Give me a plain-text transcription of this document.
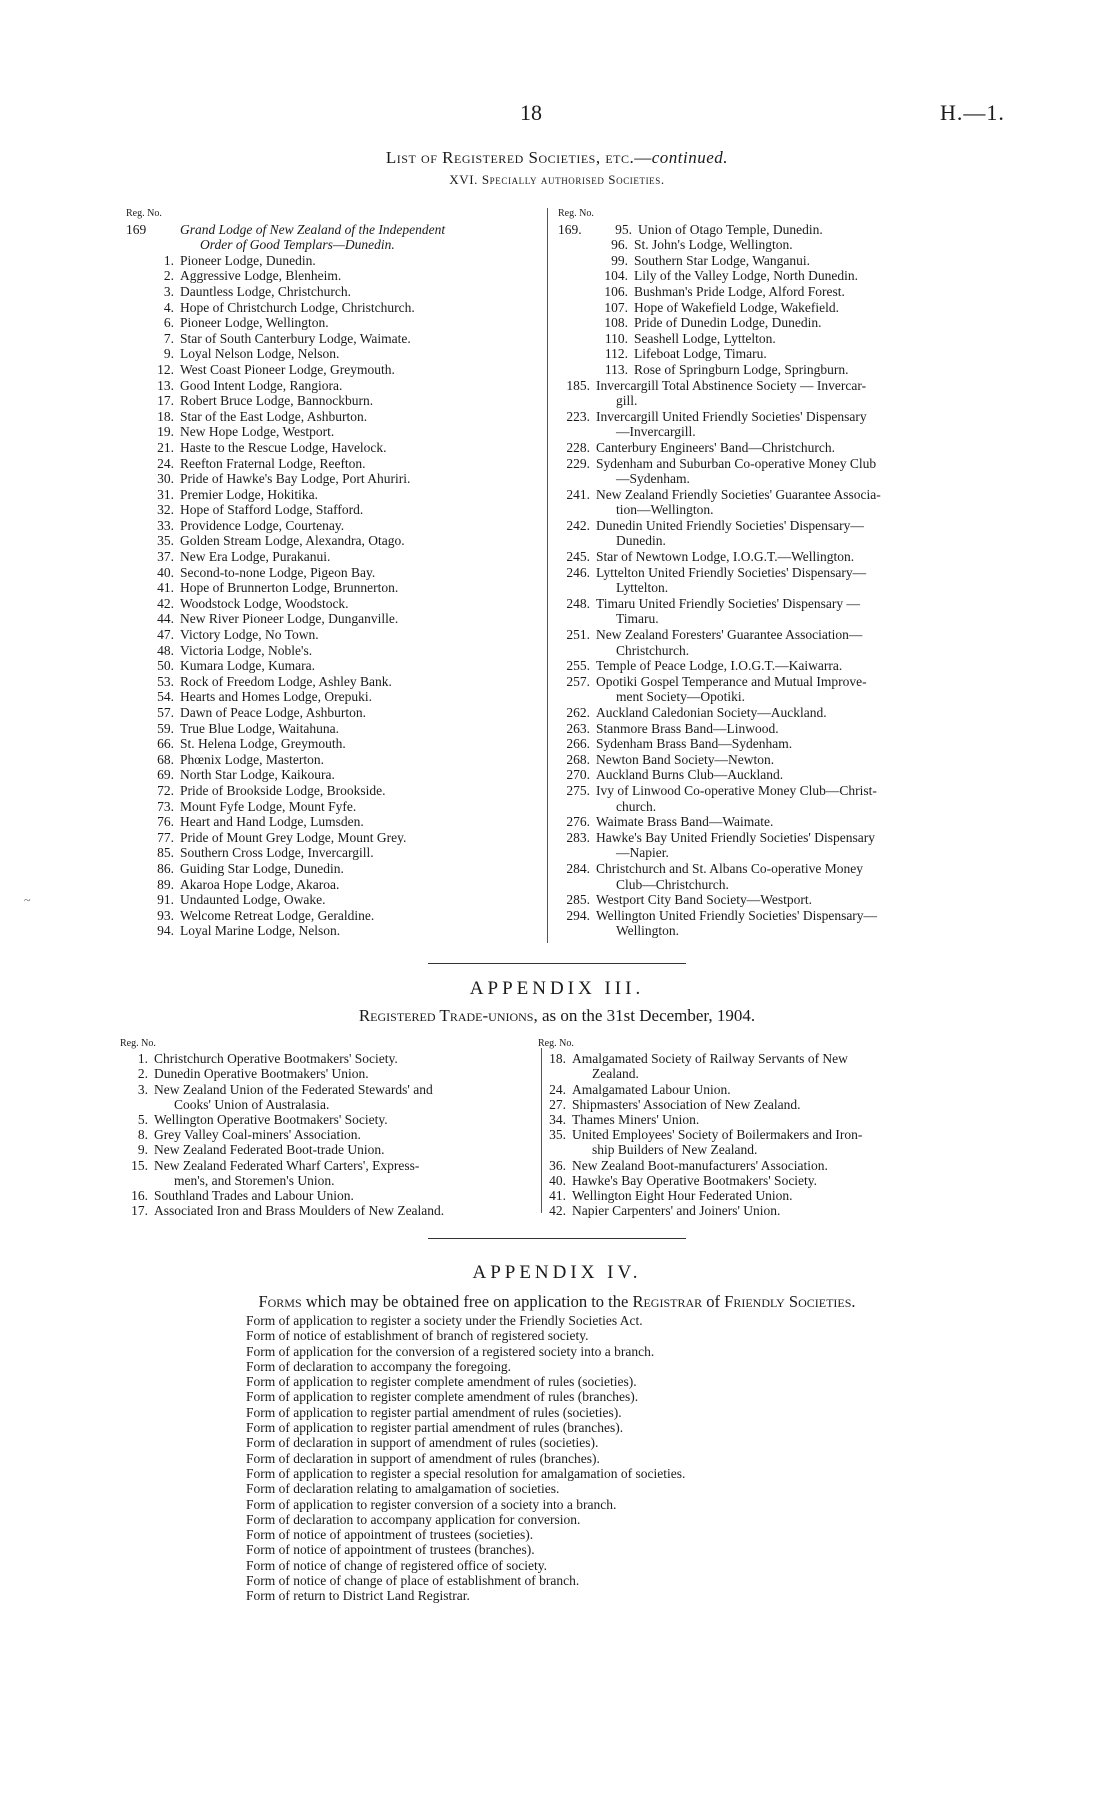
18	H.—1.
List of Registered Societies, etc.—continued.
XVI. Specially authorised Societies.
Reg. No.
169	Grand Lodge of New Zealand of the Independent
Order of Good Templars—Dunedin.
1. Pioneer Lodge, Dunedin.
2. Aggressive Lodge, Blenheim.
3. Dauntless Lodge, Christchurch.
4. Hope of Christchurch Lodge, Christchurch.
6. Pioneer Lodge, Wellington.
7. Star of South Canterbury Lodge, Waimate.
9. Loyal Nelson Lodge, Nelson.
12. West Coast Pioneer Lodge, Greymouth.
13. Good Intent Lodge, Rangiora.
17. Robert Bruce Lodge, Bannockburn.
18. Star of the East Lodge, Ashburton.
19. New Hope Lodge, Westport.
21. Haste to the Rescue Lodge, Havelock.
24. Reefton Fraternal Lodge, Reefton.
30. Pride of Hawke's Bay Lodge, Port Ahuriri.
31. Premier Lodge, Hokitika.
32. Hope of Stafford Lodge, Stafford.
33. Providence Lodge, Courtenay.
35. Golden Stream Lodge, Alexandra, Otago.
37. New Era Lodge, Purakanui.
40. Second-to-none Lodge, Pigeon Bay.
41. Hope of Brunnerton Lodge, Brunnerton.
42. Woodstock Lodge, Woodstock.
44. New River Pioneer Lodge, Dunganville.
47. Victory Lodge, No Town.
48. Victoria Lodge, Noble's.
50. Kumara Lodge, Kumara.
53. Rock of Freedom Lodge, Ashley Bank.
54. Hearts and Homes Lodge, Orepuki.
57. Dawn of Peace Lodge, Ashburton.
59. True Blue Lodge, Waitahuna.
66. St. Helena Lodge, Greymouth.
68. Phœnix Lodge, Masterton.
69. North Star Lodge, Kaikoura.
72. Pride of Brookside Lodge, Brookside.
73. Mount Fyfe Lodge, Mount Fyfe.
76. Heart and Hand Lodge, Lumsden.
77. Pride of Mount Grey Lodge, Mount Grey.
85. Southern Cross Lodge, Invercargill.
86. Guiding Star Lodge, Dunedin.
89. Akaroa Hope Lodge, Akaroa.
91. Undaunted Lodge, Owake.
93. Welcome Retreat Lodge, Geraldine.
94. Loyal Marine Lodge, Nelson.
Reg. No.
169.	95. Union of Otago Temple, Dunedin.
96. St. John's Lodge, Wellington.
99. Southern Star Lodge, Wanganui.
104. Lily of the Valley Lodge, North Dunedin.
106. Bushman's Pride Lodge, Alford Forest.
107. Hope of Wakefield Lodge, Wakefield.
108. Pride of Dunedin Lodge, Dunedin.
110. Seashell Lodge, Lyttelton.
112. Lifeboat Lodge, Timaru.
113. Rose of Springburn Lodge, Springburn.
185. Invercargill Total Abstinence Society — Invercar-
gill.
223. Invercargill United Friendly Societies' Dispensary
—Invercargill.
228. Canterbury Engineers' Band—Christchurch.
229. Sydenham and Suburban Co-operative Money Club
—Sydenham.
241. New Zealand Friendly Societies' Guarantee Associa-
tion—Wellington.
242. Dunedin United Friendly Societies' Dispensary—
Dunedin.
245. Star of Newtown Lodge, I.O.G.T.—Wellington.
246. Lyttelton United Friendly Societies' Dispensary—
Lyttelton.
248. Timaru United Friendly Societies' Dispensary —
Timaru.
251. New Zealand Foresters' Guarantee Association—
Christchurch.
255. Temple of Peace Lodge, I.O.G.T.—Kaiwarra.
257. Opotiki Gospel Temperance and Mutual Improve-
ment Society—Opotiki.
262. Auckland Caledonian Society—Auckland.
263. Stanmore Brass Band—Linwood.
266. Sydenham Brass Band—Sydenham.
268. Newton Band Society—Newton.
270. Auckland Burns Club—Auckland.
275. Ivy of Linwood Co-operative Money Club—Christ-
church.
276. Waimate Brass Band—Waimate.
283. Hawke's Bay United Friendly Societies' Dispensary
—Napier.
284. Christchurch and St. Albans Co-operative Money
Club—Christchurch.
285. Westport City Band Society—Westport.
294. Wellington United Friendly Societies' Dispensary—
Wellington.
APPENDIX III.
Registered Trade-unions, as on the 31st December, 1904.
Reg. No.
1. Christchurch Operative Bootmakers' Society.
2. Dunedin Operative Bootmakers' Union.
3. New Zealand Union of the Federated Stewards' and
Cooks' Union of Australasia.
5. Wellington Operative Bootmakers' Society.
8. Grey Valley Coal-miners' Association.
9. New Zealand Federated Boot-trade Union.
15. New Zealand Federated Wharf Carters', Express-
men's, and Storemen's Union.
16. Southland Trades and Labour Union.
17. Associated Iron and Brass Moulders of New Zealand.
Reg. No.
18. Amalgamated Society of Railway Servants of New
Zealand.
24. Amalgamated Labour Union.
27. Shipmasters' Association of New Zealand.
34. Thames Miners' Union.
35. United Employees' Society of Boilermakers and Iron-
ship Builders of New Zealand.
36. New Zealand Boot-manufacturers' Association.
40. Hawke's Bay Operative Bootmakers' Society.
41. Wellington Eight Hour Federated Union.
42. Napier Carpenters' and Joiners' Union.
APPENDIX IV.
Forms which may be obtained free on application to the Registrar of Friendly Societies.
Form of application to register a society under the Friendly Societies Act.
Form of notice of establishment of branch of registered society.
Form of application for the conversion of a registered society into a branch.
Form of declaration to accompany the foregoing.
Form of application to register complete amendment of rules (societies).
Form of application to register complete amendment of rules (branches).
Form of application to register partial amendment of rules (societies).
Form of application to register partial amendment of rules (branches).
Form of declaration in support of amendment of rules (societies).
Form of declaration in support of amendment of rules (branches).
Form of application to register a special resolution for amalgamation of societies.
Form of declaration relating to amalgamation of societies.
Form of application to register conversion of a society into a branch.
Form of declaration to accompany application for conversion.
Form of notice of appointment of trustees (societies).
Form of notice of appointment of trustees (branches).
Form of notice of change of registered office of society.
Form of notice of change of place of establishment of branch.
Form of return to District Land Registrar.
~
